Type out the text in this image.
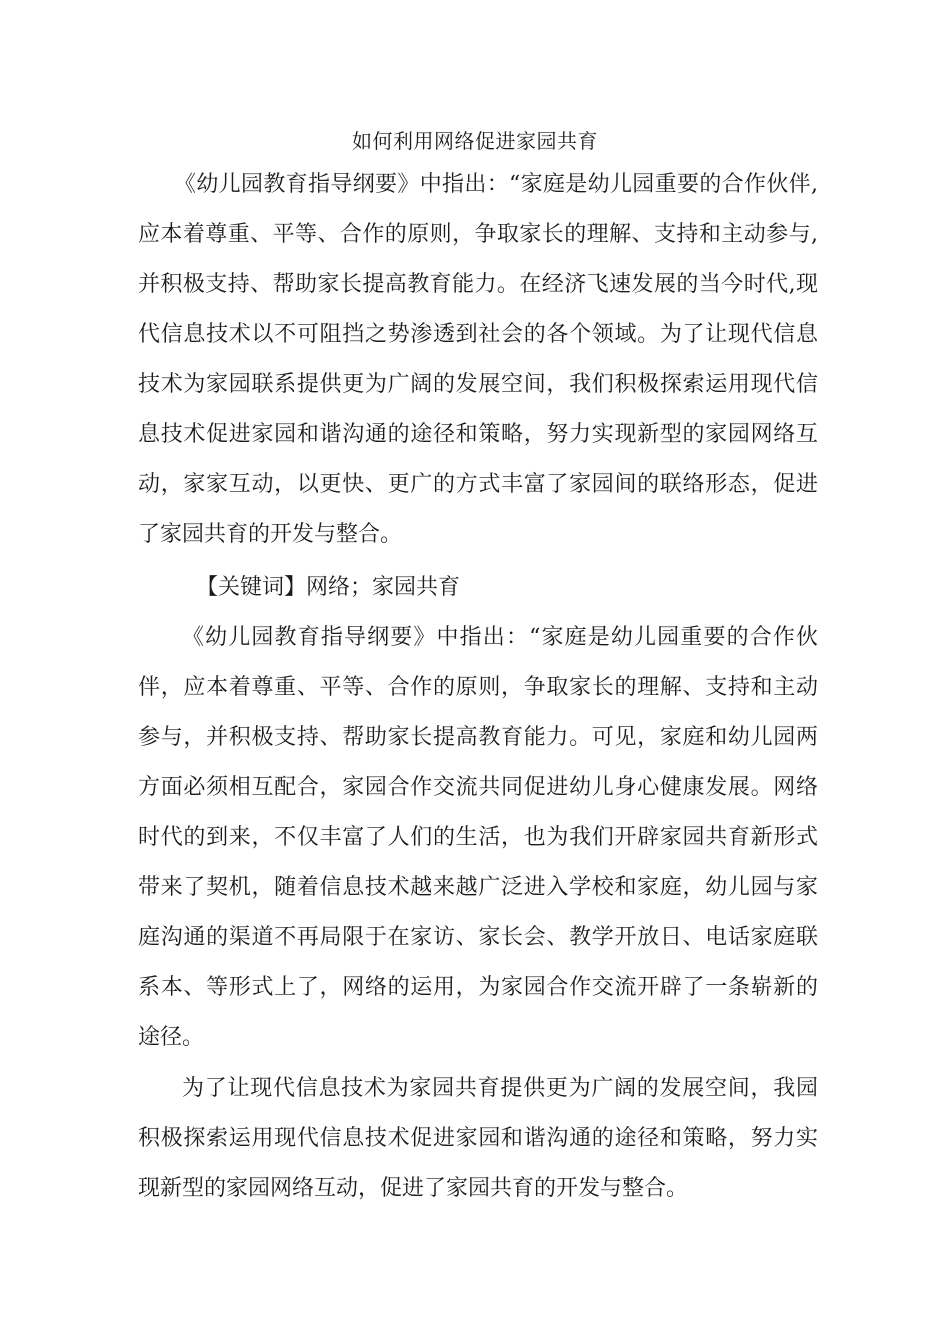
如何利用网络促进家园共育

《幼儿园教育指导纲要》中指出：“家庭是幼儿园重要的合作伙伴,应本着尊重、平等、合作的原则，争取家长的理解、支持和主动参与,并积极支持、帮助家长提高教育能力。在经济飞速发展的当今时代,现代信息技术以不可阻挡之势渗透到社会的各个领域。为了让现代信息技术为家园联系提供更为广阔的发展空间，我们积极探索运用现代信息技术促进家园和谐沟通的途径和策略，努力实现新型的家园网络互动，家家互动，以更快、更广的方式丰富了家园间的联络形态，促进了家园共育的开发与整合。

【关键词】网络；家园共育

《幼儿园教育指导纲要》中指出：“家庭是幼儿园重要的合作伙伴，应本着尊重、平等、合作的原则，争取家长的理解、支持和主动参与，并积极支持、帮助家长提高教育能力。可见，家庭和幼儿园两方面必须相互配合，家园合作交流共同促进幼儿身心健康发展。网络时代的到来，不仅丰富了人们的生活，也为我们开辟家园共育新形式带来了契机，随着信息技术越来越广泛进入学校和家庭，幼儿园与家庭沟通的渠道不再局限于在家访、家长会、教学开放日、电话家庭联系本、等形式上了，网络的运用，为家园合作交流开辟了一条崭新的途径。

为了让现代信息技术为家园共育提供更为广阔的发展空间，我园积极探索运用现代信息技术促进家园和谐沟通的途径和策略，努力实现新型的家园网络互动，促进了家园共育的开发与整合。
